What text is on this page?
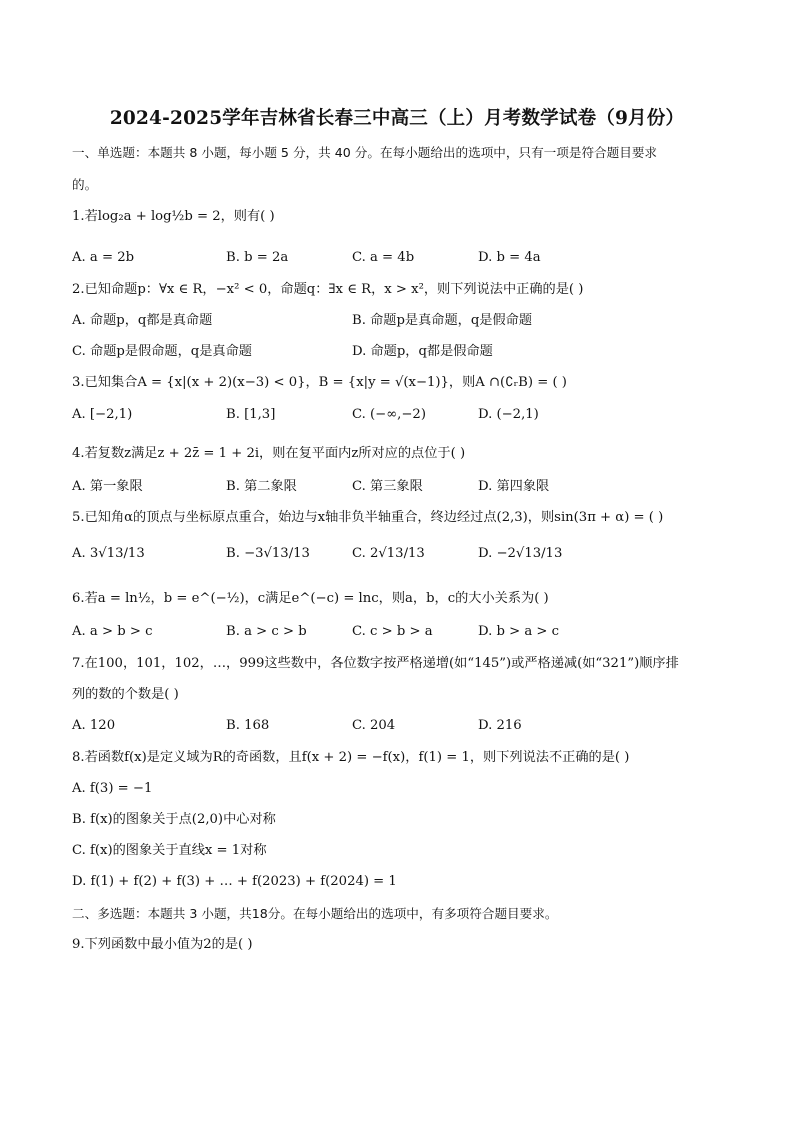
2024-2025学年吉林省长春三中高三（上）月考数学试卷（9月份）
一、单选题：本题共 8 小题，每小题 5 分，共 40 分。在每小题给出的选项中，只有一项是符合题目要求
的。
1.若log₂a + log½b = 2，则有( )
A. a = 2b	B. b = 2a	C. a = 4b	D. b = 4a
2.已知命题p：∀x ∈ R，−x² < 0，命题q：∃x ∈ R，x > x²，则下列说法中正确的是( )
A. 命题p，q都是真命题	B. 命题p是真命题，q是假命题
C. 命题p是假命题，q是真命题	D. 命题p，q都是假命题
3.已知集合A = {x|(x + 2)(x−3) < 0}，B = {x|y = √(x−1)}，则A ∩(∁ᵣB) = ( )
A. [−2,1)	B. [1,3]	C. (−∞,−2)	D. (−2,1)
4.若复数z满足z + 2z̄ = 1 + 2i，则在复平面内z所对应的点位于( )
A. 第一象限	B. 第二象限	C. 第三象限	D. 第四象限
5.已知角α的顶点与坐标原点重合，始边与x轴非负半轴重合，终边经过点(2,3)，则sin(3π + α) = ( )
A. 3√13/13	B. −3√13/13	C. 2√13/13	D. −2√13/13
6.若a = ln½，b = e^(−½)，c满足e^(−c) = lnc，则a，b，c的大小关系为( )
A. a > b > c	B. a > c > b	C. c > b > a	D. b > a > c
7.在100，101，102，…，999这些数中，各位数字按严格递增(如“145”)或严格递减(如“321”)顺序排
列的数的个数是( )
A. 120	B. 168	C. 204	D. 216
8.若函数f(x)是定义域为R的奇函数，且f(x + 2) = −f(x)，f(1) = 1，则下列说法不正确的是( )
A. f(3) = −1
B. f(x)的图象关于点(2,0)中心对称
C. f(x)的图象关于直线x = 1对称
D. f(1) + f(2) + f(3) + … + f(2023) + f(2024) = 1
二、多选题：本题共 3 小题，共18分。在每小题给出的选项中，有多项符合题目要求。
9.下列函数中最小值为2的是( )
